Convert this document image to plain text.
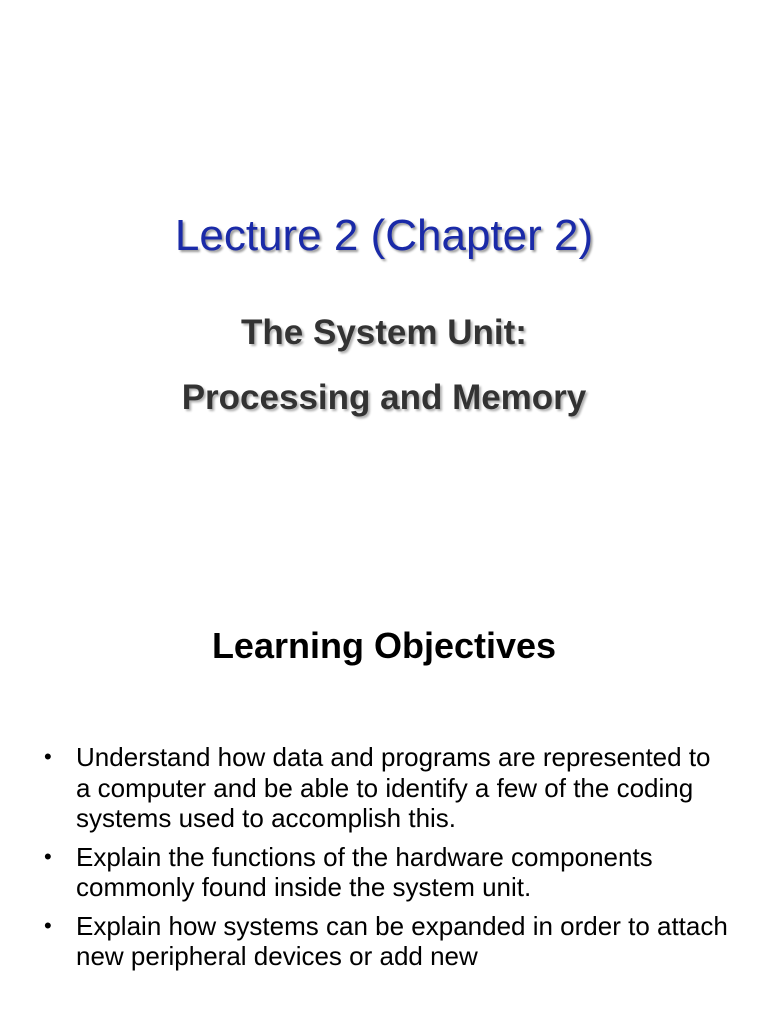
Lecture 2 (Chapter 2)
The System Unit:
Processing and Memory
Learning Objectives
• Understand how data and programs are represented to a computer and be able to identify a few of the coding systems used to accomplish this.
• Explain the functions of the hardware components commonly found inside the system unit.
• Explain how systems can be expanded in order to attach new peripheral devices or add new
